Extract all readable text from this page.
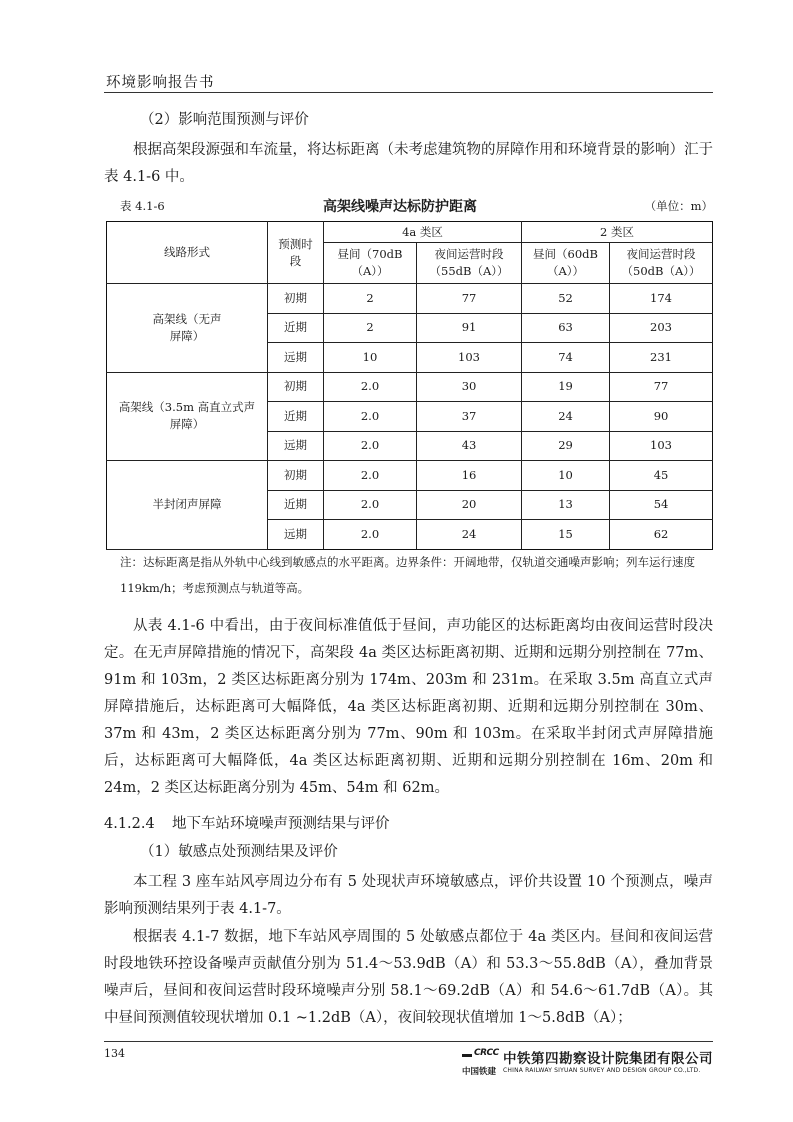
环境影响报告书
（2）影响范围预测与评价

根据高架段源强和车流量，将达标距离（未考虑建筑物的屏障作用和环境背景的影响）汇于表 4.1-6 中。

表 4.1-6	高架线噪声达标防护距离	（单位：m）
线路形式	预测时段	4a 类区		2 类区	
		昼间（70dB（A））	夜间运营时段（55dB（A））	昼间（60dB（A））	夜间运营时段（50dB（A））
高架线（无声屏障）	初期	2	77	52	174
	近期	2	91	63	203
	远期	10	103	74	231
高架线（3.5m 高直立式声屏障）	初期	2.0	30	19	77
	近期	2.0	37	24	90
	远期	2.0	43	29	103
半封闭声屏障	初期	2.0	16	10	45
	近期	2.0	20	13	54
	远期	2.0	24	15	62
注：达标距离是指从外轨中心线到敏感点的水平距离。边界条件：开阔地带，仅轨道交通噪声影响；列车运行速度 119km/h；考虑预测点与轨道等高。

从表 4.1-6 中看出，由于夜间标准值低于昼间，声功能区的达标距离均由夜间运营时段决定。在无声屏障措施的情况下，高架段 4a 类区达标距离初期、近期和远期分别控制在 77m、91m 和 103m，2 类区达标距离分别为 174m、203m 和 231m。在采取 3.5m 高直立式声屏障措施后，达标距离可大幅降低，4a 类区达标距离初期、近期和远期分别控制在 30m、37m 和 43m，2 类区达标距离分别为 77m、90m 和 103m。在采取半封闭式声屏障措施后，达标距离可大幅降低，4a 类区达标距离初期、近期和远期分别控制在 16m、20m 和 24m，2 类区达标距离分别为 45m、54m 和 62m。

4.1.2.4 地下车站环境噪声预测结果与评价
（1）敏感点处预测结果及评价

本工程 3 座车站风亭周边分布有 5 处现状声环境敏感点，评价共设置 10 个预测点，噪声影响预测结果列于表 4.1-7。

根据表 4.1-7 数据，地下车站风亭周围的 5 处敏感点都位于 4a 类区内。昼间和夜间运营时段地铁环控设备噪声贡献值分别为 51.4～53.9dB（A）和 53.3～55.8dB（A），叠加背景噪声后，昼间和夜间运营时段环境噪声分别 58.1～69.2dB（A）和 54.6～61.7dB（A）。其中昼间预测值较现状增加 0.1 ~1.2dB（A），夜间较现状值增加 1～5.8dB（A）；

134	CRCC
中国铁建
中铁第四勘察设计院集团有限公司
CHINA RAILWAY SIYUAN SURVEY AND DESIGN GROUP CO.,LTD.
